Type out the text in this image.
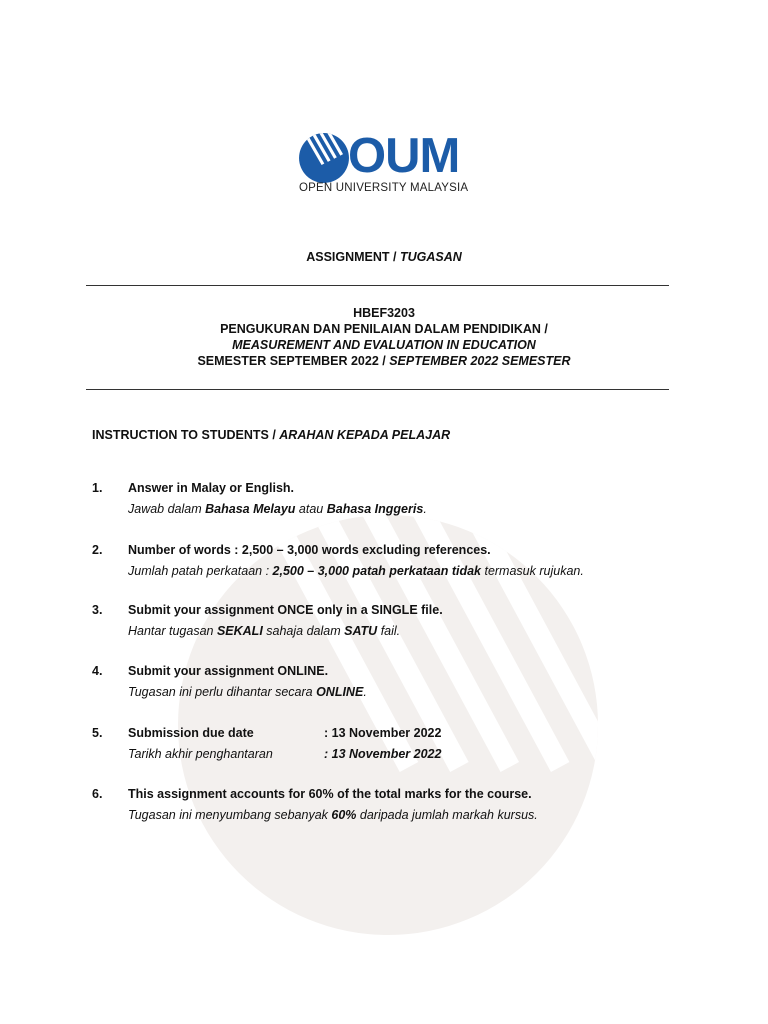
OUM
OPEN UNIVERSITY MALAYSIA
ASSIGNMENT / TUGASAN
HBEF3203
PENGUKURAN DAN PENILAIAN DALAM PENDIDIKAN /
MEASUREMENT AND EVALUATION IN EDUCATION
SEMESTER SEPTEMBER 2022 / SEPTEMBER 2022 SEMESTER
INSTRUCTION TO STUDENTS / ARAHAN KEPADA PELAJAR
1. Answer in Malay or English.
Jawab dalam Bahasa Melayu atau Bahasa Inggeris.
2. Number of words : 2,500 – 3,000 words excluding references.
Jumlah patah perkataan : 2,500 – 3,000 patah perkataan tidak termasuk rujukan.
3. Submit your assignment ONCE only in a SINGLE file.
Hantar tugasan SEKALI sahaja dalam SATU fail.
4. Submit your assignment ONLINE.
Tugasan ini perlu dihantar secara ONLINE.
5. Submission due date	: 13 November 2022
Tarikh akhir penghantaran	: 13 November 2022
6. This assignment accounts for 60% of the total marks for the course.
Tugasan ini menyumbang sebanyak 60% daripada jumlah markah kursus.
